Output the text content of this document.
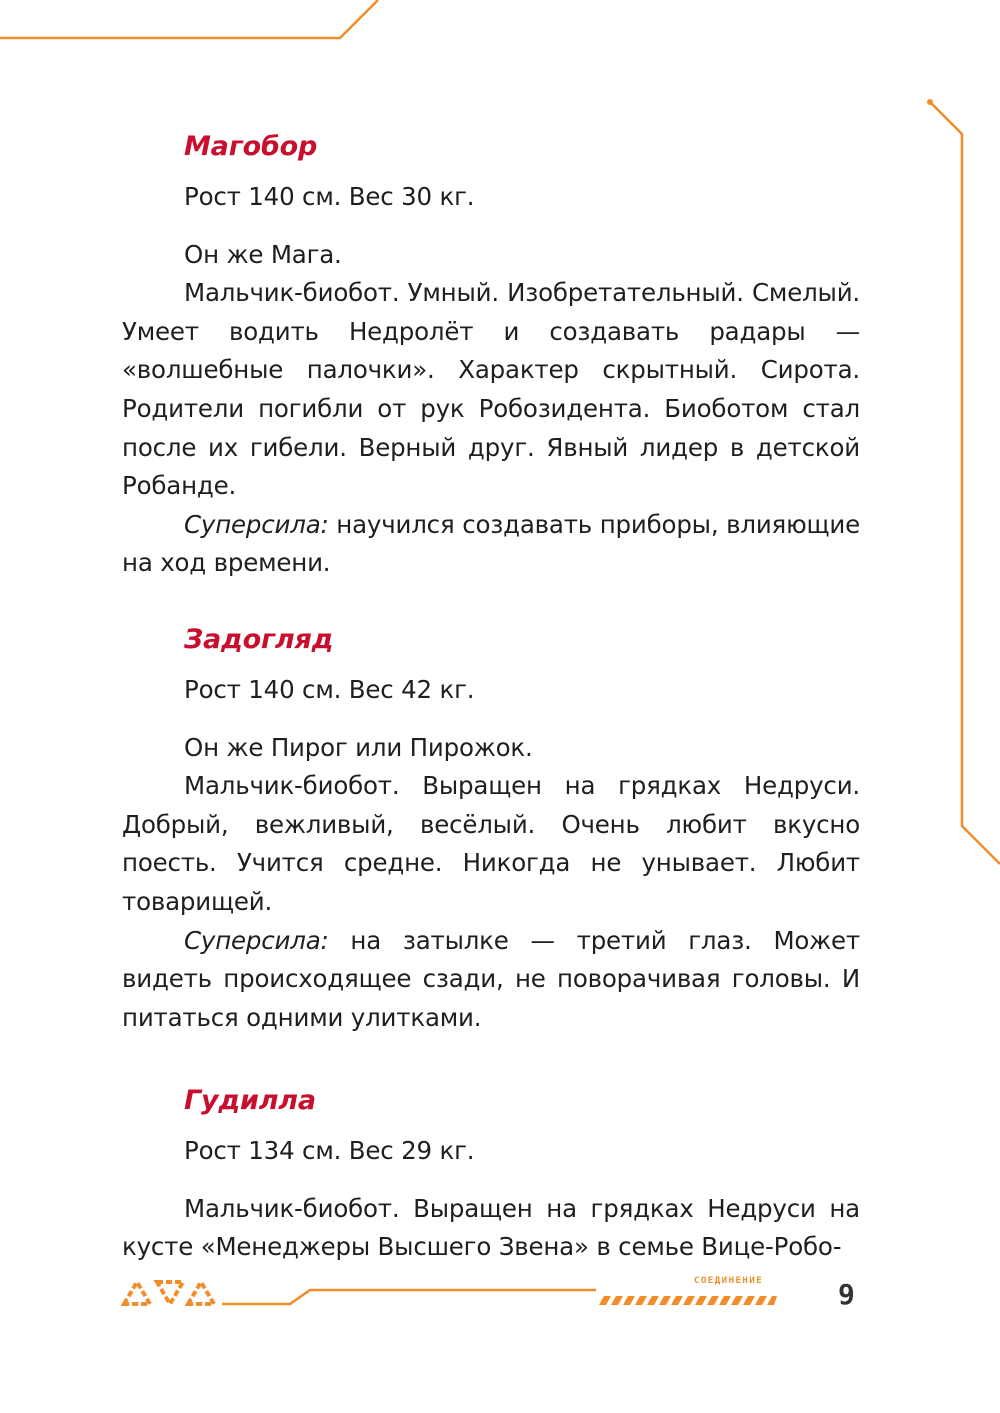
Магобор

Рост 140 см. Вес 30 кг.

Он же Мага.

Мальчик-биобот. Умный. Изобретательный. Смелый. Умеет водить Недролёт и создавать радары — «волшебные палочки». Характер скрытный. Сирота. Родители погибли от рук Робозидента. Биоботом стал после их гибели. Верный друг. Явный лидер в детской Робанде.

Суперсила: научился создавать приборы, влияющие на ход времени.

Задогляд

Рост 140 см. Вес 42 кг.

Он же Пирог или Пирожок.

Мальчик-биобот. Выращен на грядках Недруси. Добрый, вежливый, весёлый. Очень любит вкусно поесть. Учится средне. Никогда не унывает. Любит товарищей.

Суперсила: на затылке — третий глаз. Может видеть происходящее сзади, не поворачивая головы. И питаться одними улитками.

Гудилла

Рост 134 см. Вес 29 кг.

Мальчик-биобот. Выращен на грядках Недруси на кусте «Менеджеры Высшего Звена» в семье Вице-Робо-

СОЕДИНЕНИЕ	9
